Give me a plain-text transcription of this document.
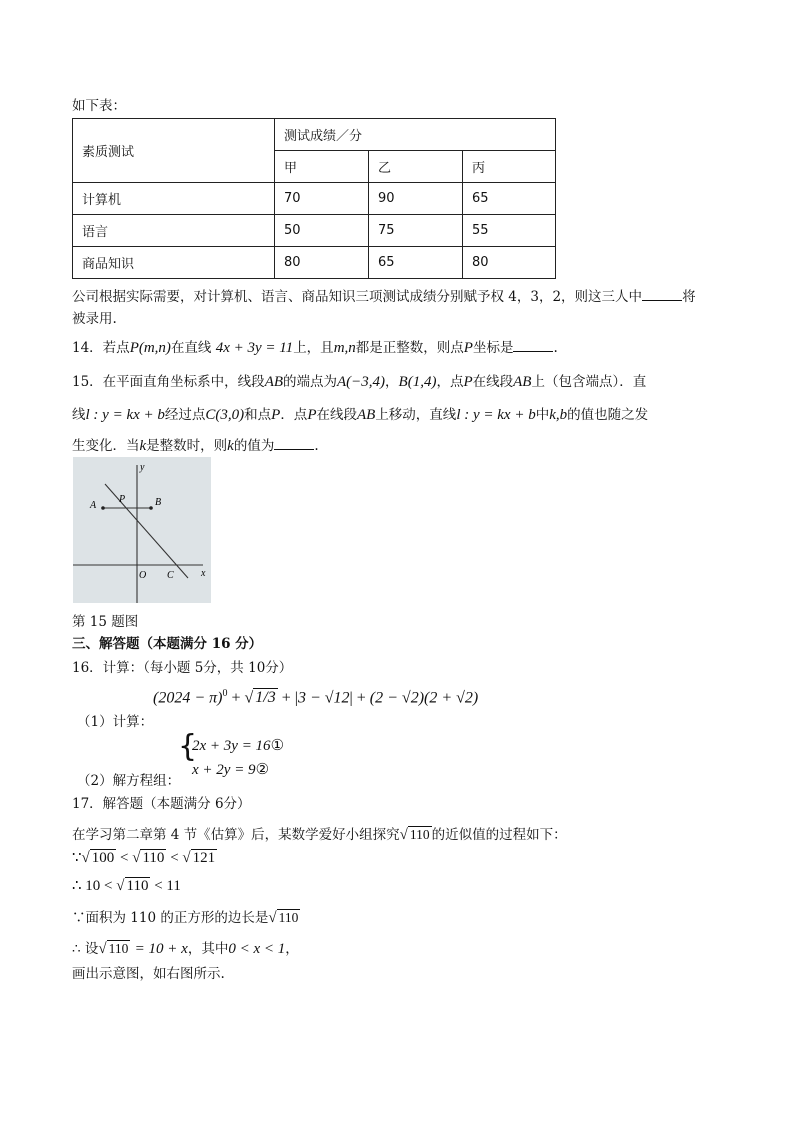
如下表：
素质测试	测试成绩／分		
	甲	乙	丙
计算机	70	90	65
语言	50	75	55
商品知识	80	65	80
公司根据实际需要，对计算机、语言、商品知识三项测试成绩分别赋予权 4，3，2，则这三人中	将
被录用.
14．若点P(m,n)在直线 4x + 3y = 11上，且m,n都是正整数，则点P坐标是	.
15．在平面直角坐标系中，线段AB的端点为A(−3,4)，B(1,4)，点P在线段AB上（包含端点）．直
线l : y = kx + b经过点C(3,0)和点P．点P在线段AB上移动，直线l : y = kx + b中k,b的值也随之发
生变化．当k是整数时，则k的值为	.
y
x
A
P	B
O C
第 15 题图
三、解答题（本题满分 16 分）
16．计算：（每小题 5分，共 10分）
$(2024 - \pi)^0$ + √ 1/3 + |3 − √12| + (2 − √2)(2 + √2)
（1）计算：
{
2x + 3y = 16①
x + 2y = 9②
（2）解方程组：
17．解答题（本题满分 6分）
在学习第二章第 4 节《估算》后，某数学爱好小组探究√ 110 的近似值的过程如下：
∵√ 100 < √ 110 < √ 121
∴ 10 < √ 110 < 11
∵面积为 110 的正方形的边长是√ 110
∴ 设√ 110 = 10 + x，其中0 < x < 1，
画出示意图，如右图所示.
